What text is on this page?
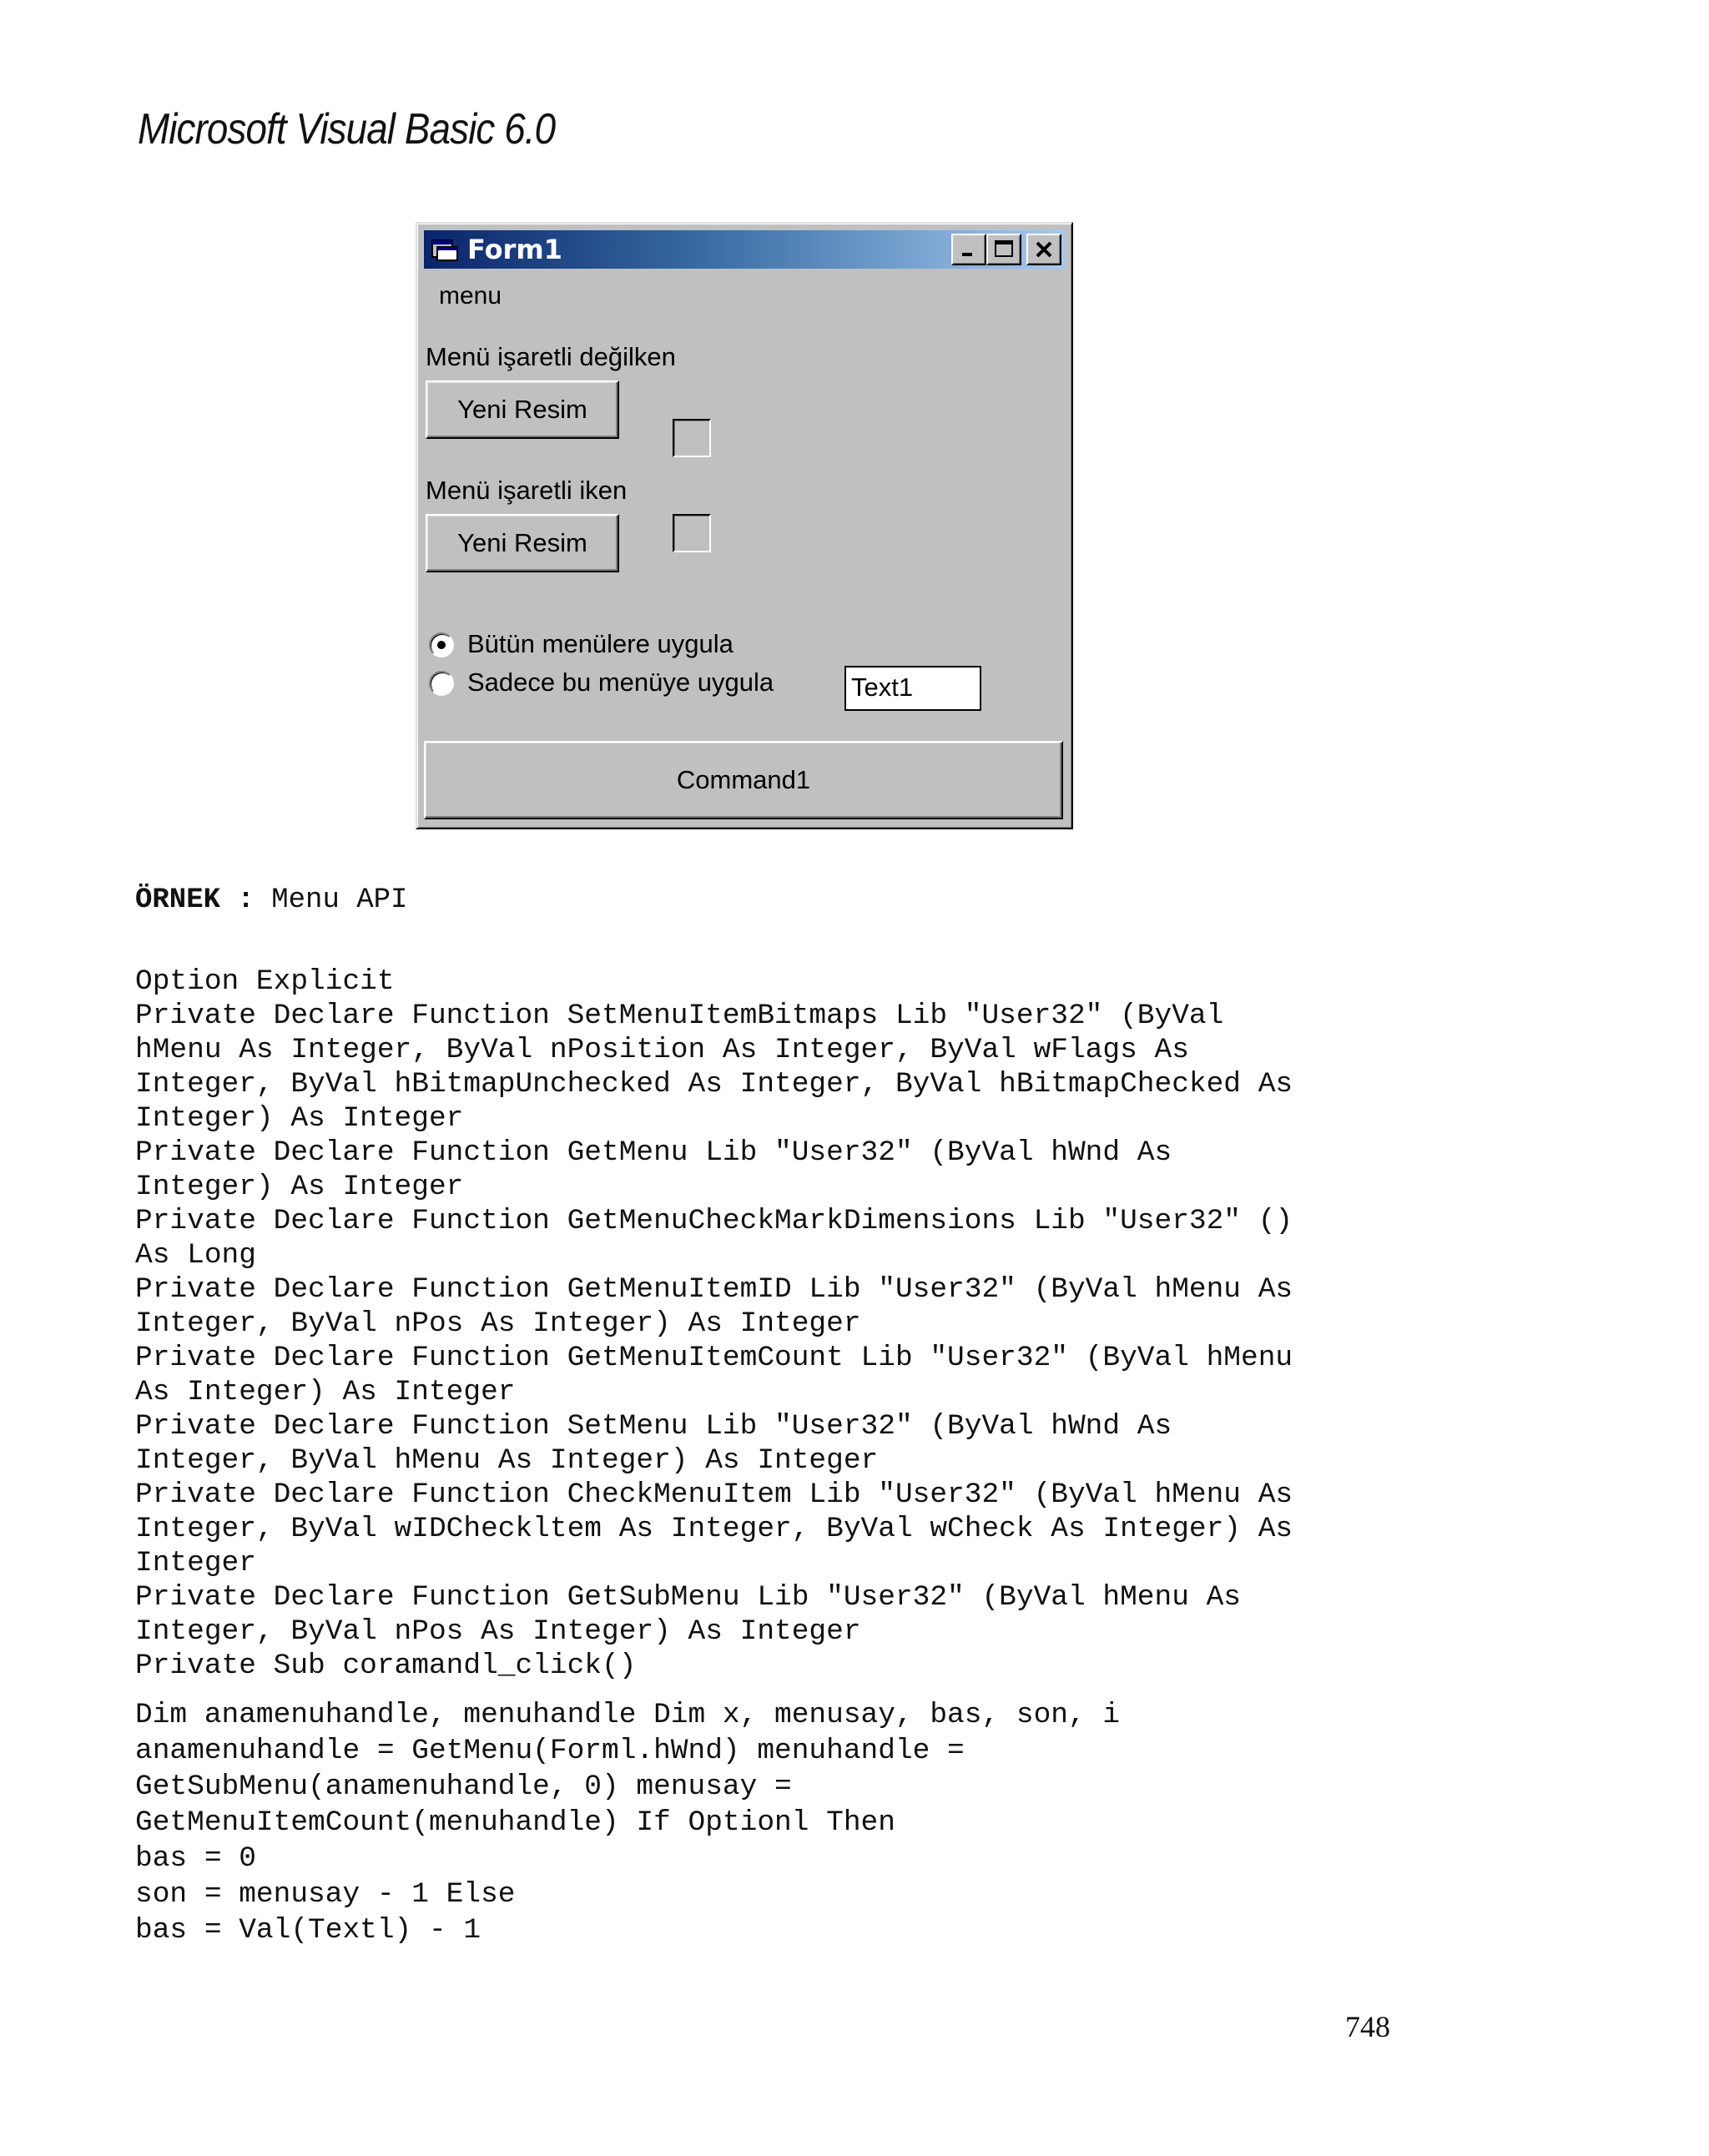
Microsoft Visual Basic 6.0
Form1
menu
Menü işaretli değilken
Yeni Resim
Menü işaretli iken
Yeni Resim
Bütün menülere uygula
Sadece bu menüye uygula	Text1
Command1
ÖRNEK : Menu API
Option Explicit
Private Declare Function SetMenuItemBitmaps Lib "User32" (ByVal
hMenu As Integer, ByVal nPosition As Integer, ByVal wFlags As
Integer, ByVal hBitmapUnchecked As Integer, ByVal hBitmapChecked As
Integer) As Integer
Private Declare Function GetMenu Lib "User32" (ByVal hWnd As
Integer) As Integer
Private Declare Function GetMenuCheckMarkDimensions Lib "User32" ()
As Long
Private Declare Function GetMenuItemID Lib "User32" (ByVal hMenu As
Integer, ByVal nPos As Integer) As Integer
Private Declare Function GetMenuItemCount Lib "User32" (ByVal hMenu
As Integer) As Integer
Private Declare Function SetMenu Lib "User32" (ByVal hWnd As
Integer, ByVal hMenu As Integer) As Integer
Private Declare Function CheckMenuItem Lib "User32" (ByVal hMenu As
Integer, ByVal wIDCheckltem As Integer, ByVal wCheck As Integer) As
Integer
Private Declare Function GetSubMenu Lib "User32" (ByVal hMenu As
Integer, ByVal nPos As Integer) As Integer
Private Sub coramandl_click()
Dim anamenuhandle, menuhandle Dim x, menusay, bas, son, i
anamenuhandle = GetMenu(Forml.hWnd) menuhandle =
GetSubMenu(anamenuhandle, 0) menusay =
GetMenuItemCount(menuhandle) If Optionl Then
bas = 0
son = menusay - 1 Else
bas = Val(Textl) - 1
748
